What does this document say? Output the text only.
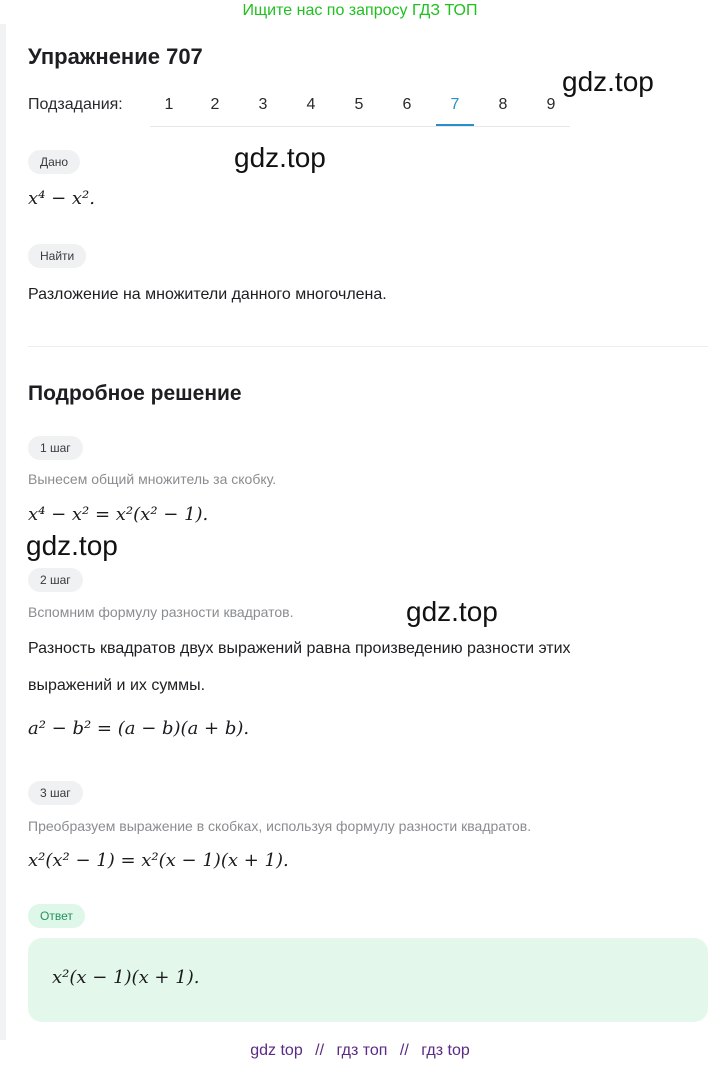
Ищите нас по запросу ГДЗ ТОП
Упражнение 707
Подзадания:	1	2	3	4	5	6	7	8	9
Дано
x⁴ − x².
Найти
Разложение на множители данного многочлена.
Подробное решение
1 шаг
Вынесем общий множитель за скобку.
x⁴ − x² = x²(x² − 1).
2 шаг
Вспомним формулу разности квадратов.
Разность квадратов двух выражений равна произведению разности этих
выражений и их суммы.
a² − b² = (a − b)(a + b).
3 шаг
Преобразуем выражение в скобках, используя формулу разности квадратов.
x²(x² − 1) = x²(x − 1)(x + 1).
Ответ
x²(x − 1)(x + 1).
gdz.top
gdz.top
gdz.top
gdz.top
gdz top // гдз топ // гдз top
